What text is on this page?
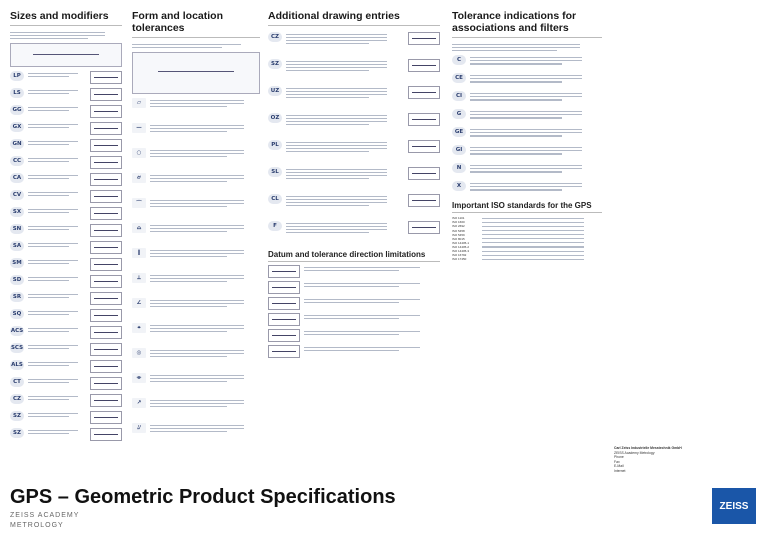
Sizes and modifiers
LP
LS
GG
GX
GN
CC
CA
CV
SX
SN
SA
SM
SD
SR
SQ
ACS
SCS
ALS
CT
CZ
SZ
SZ
Form and location tolerances
▱
—
○
⌭
⌒
⌓
∥
⟂
∠
⌖
◎
⌯
↗
⌰
Additional drawing entries
CZ
SZ
UZ
OZ
PL
SL
CL
F
Datum and tolerance direction limitations
Tolerance indications for associations and filters
C
CE
CI
G
GE
GI
N
X
Important ISO standards for the GPS
ISO 1101
ISO 1660
ISO 2692
ISO 5458
ISO 5459
ISO 8015
ISO 14405-1
ISO 14405-2
ISO 14405-3
ISO 16792
ISO 17450
Carl Zeiss Industrielle Messtechnik GmbH
ZEISS Academy Metrology
Phone
Fax
E-Mail
Internet
GPS – Geometric Product Specifications
ZEISS ACADEMY
METROLOGY
ZEISS
